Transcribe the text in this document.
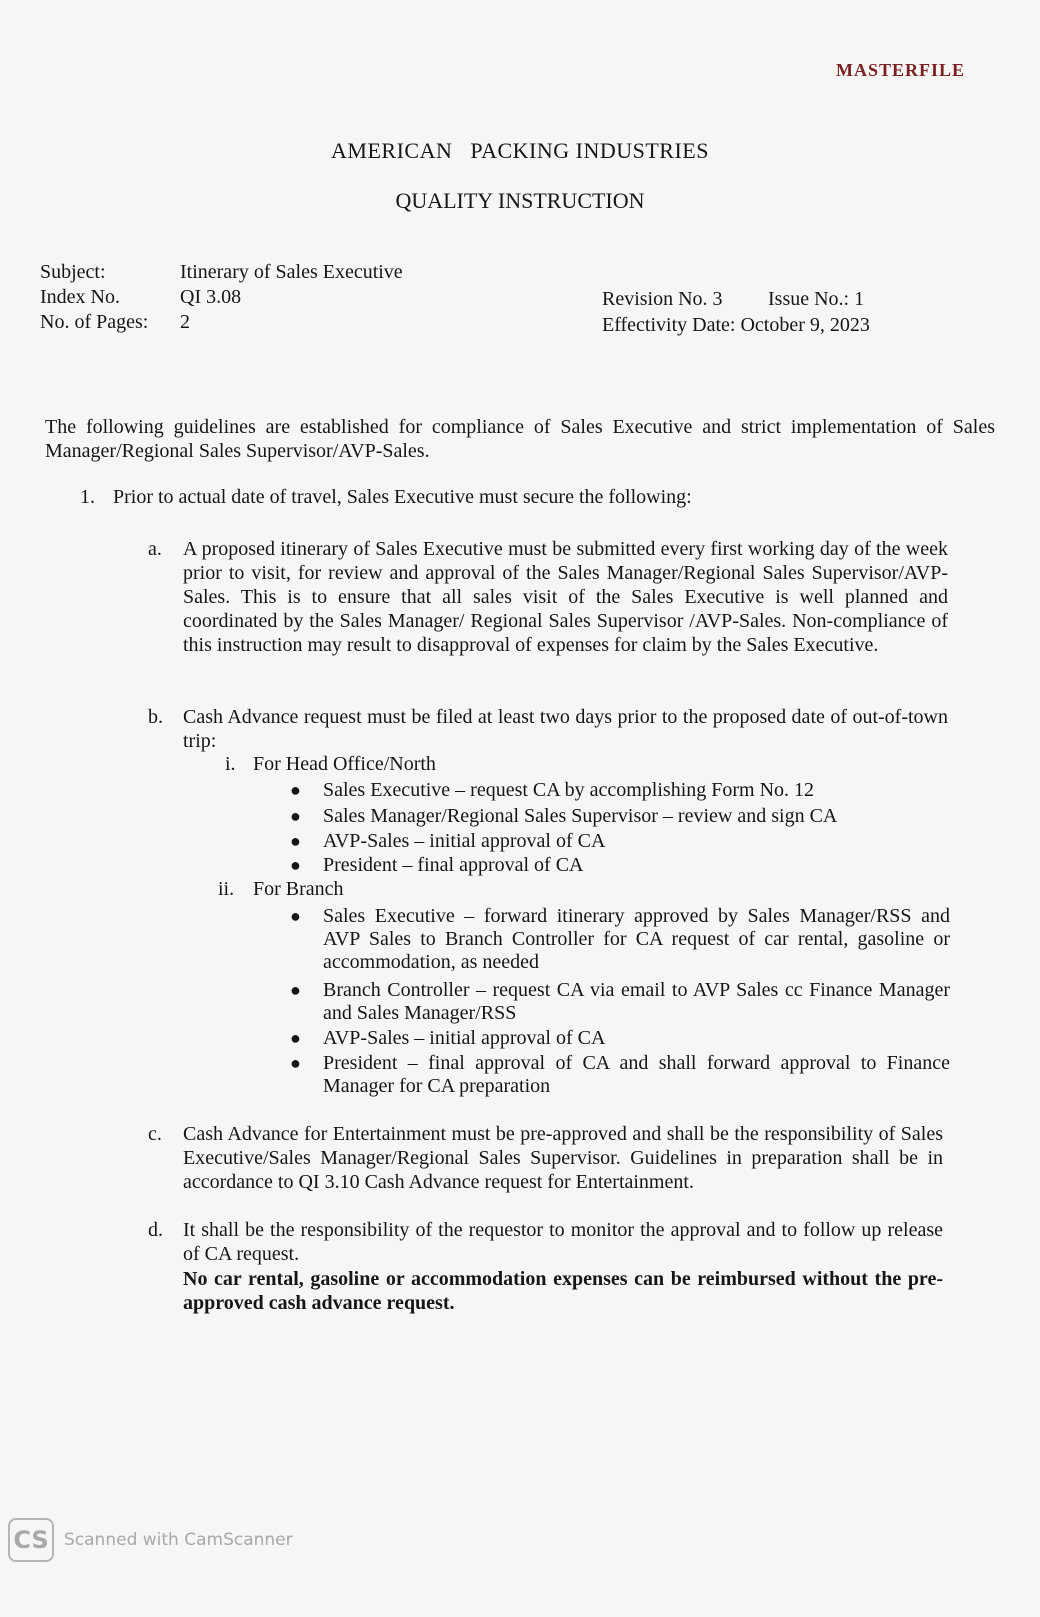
MASTERFILE
AMERICAN   PACKING INDUSTRIES
QUALITY INSTRUCTION
Subject:	Itinerary of Sales Executive
Index No.	QI 3.08
No. of Pages: 2
Revision No. 3 Issue No.: 1
Effectivity Date: October 9, 2023
The following guidelines are established for compliance of Sales Executive and strict implementation of Sales Manager/Regional Sales Supervisor/AVP-Sales.
1. Prior to actual date of travel, Sales Executive must secure the following:
a. A proposed itinerary of Sales Executive must be submitted every first working day of the week prior to visit, for review and approval of the Sales Manager/Regional Sales Supervisor/AVP-Sales. This is to ensure that all sales visit of the Sales Executive is well planned and coordinated by the Sales Manager/ Regional Sales Supervisor /AVP-Sales. Non-compliance of this instruction may result to disapproval of expenses for claim by the Sales Executive.
b. Cash Advance request must be filed at least two days prior to the proposed date of out-of-town trip:
i. For Head Office/North
●	Sales Executive – request CA by accomplishing Form No. 12
●	Sales Manager/Regional Sales Supervisor – review and sign CA
●	AVP-Sales – initial approval of CA
●	President – final approval of CA
ii. For Branch
●	Sales Executive – forward itinerary approved by Sales Manager/RSS and AVP Sales to Branch Controller for CA request of car rental, gasoline or accommodation, as needed
●	Branch Controller – request CA via email to AVP Sales cc Finance Manager and Sales Manager/RSS
●	AVP-Sales – initial approval of CA
●	President – final approval of CA and shall forward approval to Finance Manager for CA preparation
c. Cash Advance for Entertainment must be pre-approved and shall be the responsibility of Sales Executive/Sales Manager/Regional Sales Supervisor. Guidelines in preparation shall be in accordance to QI 3.10 Cash Advance request for Entertainment.
d. It shall be the responsibility of the requestor to monitor the approval and to follow up release of CA request.
No car rental, gasoline or accommodation expenses can be reimbursed without the pre-approved cash advance request.
CS Scanned with CamScanner
